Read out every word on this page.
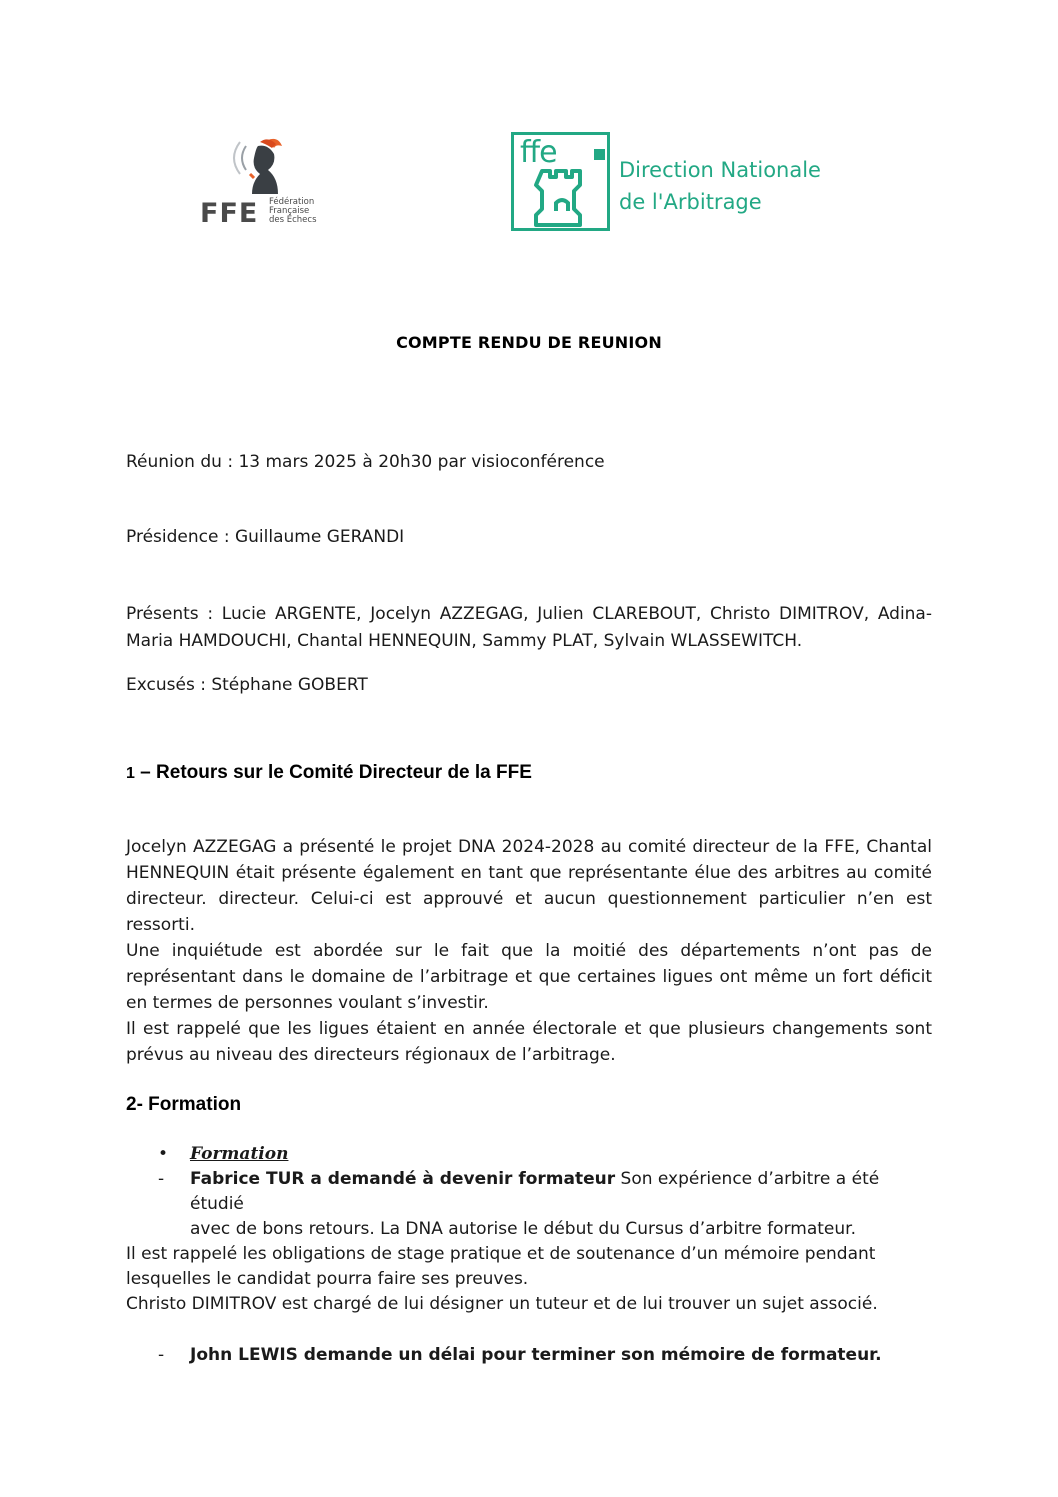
FFE Fédération
Française
des Échecs
ffe	Direction Nationale
de l'Arbitrage
COMPTE RENDU DE REUNION
Réunion du : 13 mars 2025 à 20h30 par visioconférence
Présidence : Guillaume GERANDI
Présents : Lucie ARGENTE, Jocelyn AZZEGAG, Julien CLAREBOUT, Christo DIMITROV, Adina-
Maria HAMDOUCHI, Chantal HENNEQUIN, Sammy PLAT, Sylvain WLASSEWITCH.
Excusés : Stéphane GOBERT
1 – Retours sur le Comité Directeur de la FFE
Jocelyn AZZEGAG a présenté le projet DNA 2024-2028 au comité directeur de la FFE, Chantal
HENNEQUIN était présente également en tant que représentante élue des arbitres au comité
directeur. directeur. Celui-ci est approuvé et aucun questionnement particulier n’en est
ressorti.
Une inquiétude est abordée sur le fait que la moitié des départements n’ont pas de
représentant dans le domaine de l’arbitrage et que certaines ligues ont même un fort déficit
en termes de personnes voulant s’investir.
Il est rappelé que les ligues étaient en année électorale et que plusieurs changements sont
prévus au niveau des directeurs régionaux de l’arbitrage.
2- Formation
•	Formation
-	Fabrice TUR a demandé à devenir formateur Son expérience d’arbitre a été étudié
avec de bons retours. La DNA autorise le début du Cursus d’arbitre formateur.
Il est rappelé les obligations de stage pratique et de soutenance d’un mémoire pendant
lesquelles le candidat pourra faire ses preuves.
Christo DIMITROV est chargé de lui désigner un tuteur et de lui trouver un sujet associé.
-	John LEWIS demande un délai pour terminer son mémoire de formateur.
